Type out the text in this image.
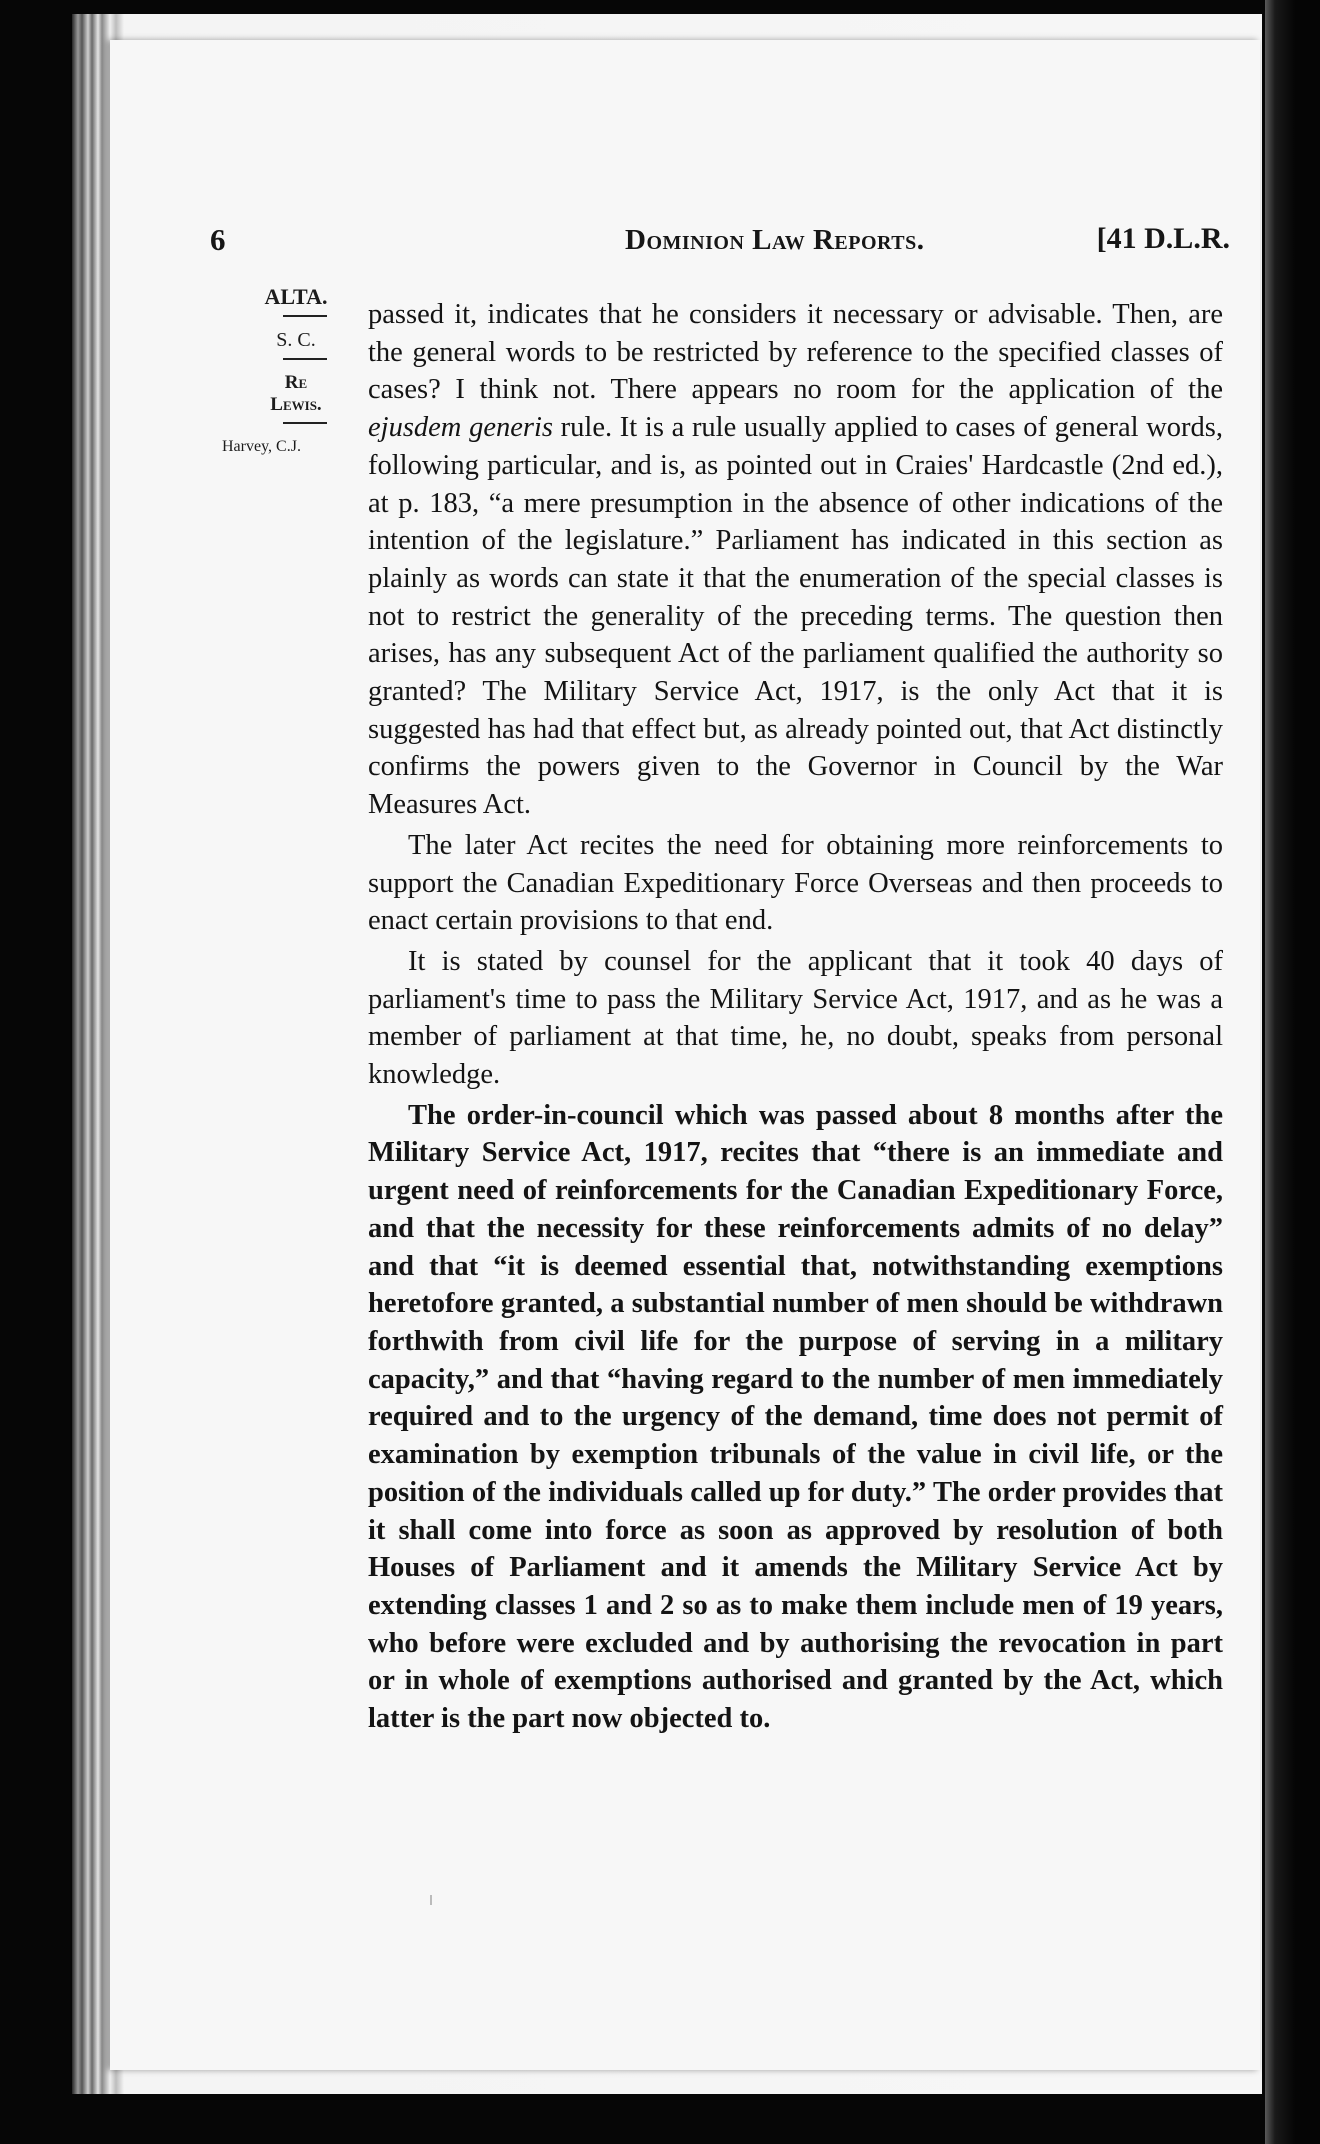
6	Dominion Law Reports.	[41 D.L.R.
ALTA.
S. C.
Re
Lewis.
Harvey, C.J.

passed it, indicates that he considers it necessary or advisable. Then, are the general words to be restricted by reference to the specified classes of cases? I think not. There appears no room for the application of the ejusdem generis rule. It is a rule usually applied to cases of general words, following particular, and is, as pointed out in Craies' Hardcastle (2nd ed.), at p. 183, “a mere presumption in the absence of other indications of the intention of the legislature.” Parliament has indicated in this section as plainly as words can state it that the enumeration of the special classes is not to restrict the generality of the preceding terms. The question then arises, has any subsequent Act of the parliament qualified the authority so granted? The Military Service Act, 1917, is the only Act that it is suggested has had that effect but, as already pointed out, that Act distinctly confirms the powers given to the Governor in Council by the War Measures Act.

The later Act recites the need for obtaining more reinforcements to support the Canadian Expeditionary Force Overseas and then proceeds to enact certain provisions to that end.

It is stated by counsel for the applicant that it took 40 days of parliament's time to pass the Military Service Act, 1917, and as he was a member of parliament at that time, he, no doubt, speaks from personal knowledge.

The order-in-council which was passed about 8 months after the Military Service Act, 1917, recites that “there is an immediate and urgent need of reinforcements for the Canadian Expeditionary Force, and that the necessity for these reinforcements admits of no delay” and that “it is deemed essential that, notwithstanding exemptions heretofore granted, a substantial number of men should be withdrawn forthwith from civil life for the purpose of serving in a military capacity,” and that “having regard to the number of men immediately required and to the urgency of the demand, time does not permit of examination by exemption tribunals of the value in civil life, or the position of the individuals called up for duty.” The order provides that it shall come into force as soon as approved by resolution of both Houses of Parliament and it amends the Military Service Act by extending classes 1 and 2 so as to make them include men of 19 years, who before were excluded and by authorising the revocation in part or in whole of exemptions authorised and granted by the Act, which latter is the part now objected to.
